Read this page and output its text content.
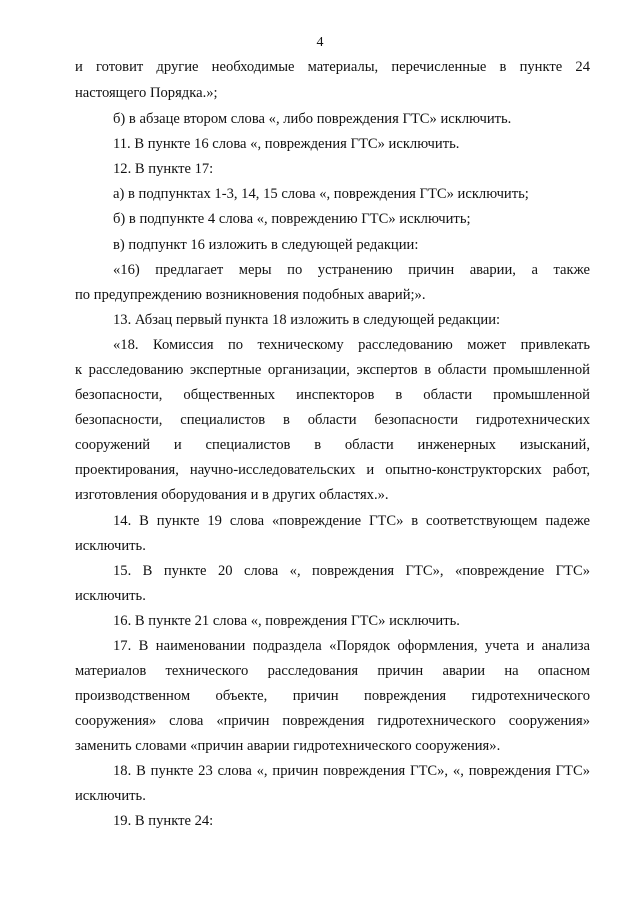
4
и готовит другие необходимые материалы, перечисленные в пункте 24
настоящего Порядка.»;
б) в абзаце втором слова «, либо повреждения ГТС» исключить.
11. В пункте 16 слова «, повреждения ГТС» исключить.
12. В пункте 17:
а) в подпунктах 1-3, 14, 15 слова «, повреждения ГТС» исключить;
б) в подпункте 4 слова «, повреждению ГТС» исключить;
в) подпункт 16 изложить в следующей редакции:
«16) предлагает меры по устранению причин аварии, а также
по предупреждению возникновения подобных аварий;».
13. Абзац первый пункта 18 изложить в следующей редакции:
«18. Комиссия по техническому расследованию может привлекать
к расследованию экспертные организации, экспертов в области промышленной
безопасности, общественных инспекторов в области промышленной
безопасности, специалистов в области безопасности гидротехнических
сооружений и специалистов в области инженерных изысканий,
проектирования, научно-исследовательских и опытно-конструкторских работ,
изготовления оборудования и в других областях.».
14. В пункте 19 слова «повреждение ГТС» в соответствующем падеже
исключить.
15. В пункте 20 слова «, повреждения ГТС», «повреждение ГТС»
исключить.
16. В пункте 21 слова «, повреждения ГТС» исключить.
17. В наименовании подраздела «Порядок оформления, учета и анализа
материалов технического расследования причин аварии на опасном
производственном объекте, причин повреждения гидротехнического
сооружения» слова «причин повреждения гидротехнического сооружения»
заменить словами «причин аварии гидротехнического сооружения».
18. В пункте 23 слова «, причин повреждения ГТС», «, повреждения ГТС»
исключить.
19. В пункте 24:
